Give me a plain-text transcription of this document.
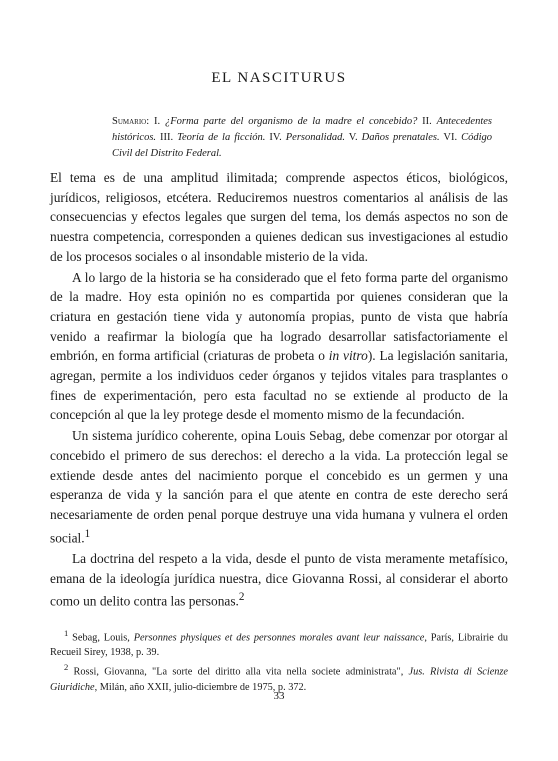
EL NASCITURUS
Sumario: I. ¿Forma parte del organismo de la madre el concebido? II. Antecedentes históricos. III. Teoría de la ficción. IV. Personalidad. V. Daños prenatales. VI. Código Civil del Distrito Federal.

El tema es de una amplitud ilimitada; comprende aspectos éticos, biológicos, jurídicos, religiosos, etcétera. Reduciremos nuestros comentarios al análisis de las consecuencias y efectos legales que surgen del tema, los demás aspectos no son de nuestra competencia, corresponden a quienes dedican sus investigaciones al estudio de los procesos sociales o al insondable misterio de la vida.

A lo largo de la historia se ha considerado que el feto forma parte del organismo de la madre. Hoy esta opinión no es compartida por quienes consideran que la criatura en gestación tiene vida y autonomía propias, punto de vista que habría venido a reafirmar la biología que ha logrado desarrollar satisfactoriamente el embrión, en forma artificial (criaturas de probeta o in vitro). La legislación sanitaria, agregan, permite a los individuos ceder órganos y tejidos vitales para trasplantes o fines de experimentación, pero esta facultad no se extiende al producto de la concepción al que la ley protege desde el momento mismo de la fecundación.

Un sistema jurídico coherente, opina Louis Sebag, debe comenzar por otorgar al concebido el primero de sus derechos: el derecho a la vida. La protección legal se extiende desde antes del nacimiento porque el concebido es un germen y una esperanza de vida y la sanción para el que atente en contra de este derecho será necesariamente de orden penal porque destruye una vida humana y vulnera el orden social.$^1$

La doctrina del respeto a la vida, desde el punto de vista meramente metafísico, emana de la ideología jurídica nuestra, dice Giovanna Rossi, al considerar el aborto como un delito contra las personas.$^2$

$^1$ Sebag, Louis, Personnes physiques et des personnes morales avant leur naissance, París, Librairie du Recueil Sirey, 1938, p. 39.

$^2$ Rossi, Giovanna, "La sorte del diritto alla vita nella societe administrata", Jus. Rivista di Scienze Giuridiche, Milán, año XXII, julio-diciembre de 1975, p. 372.

33
